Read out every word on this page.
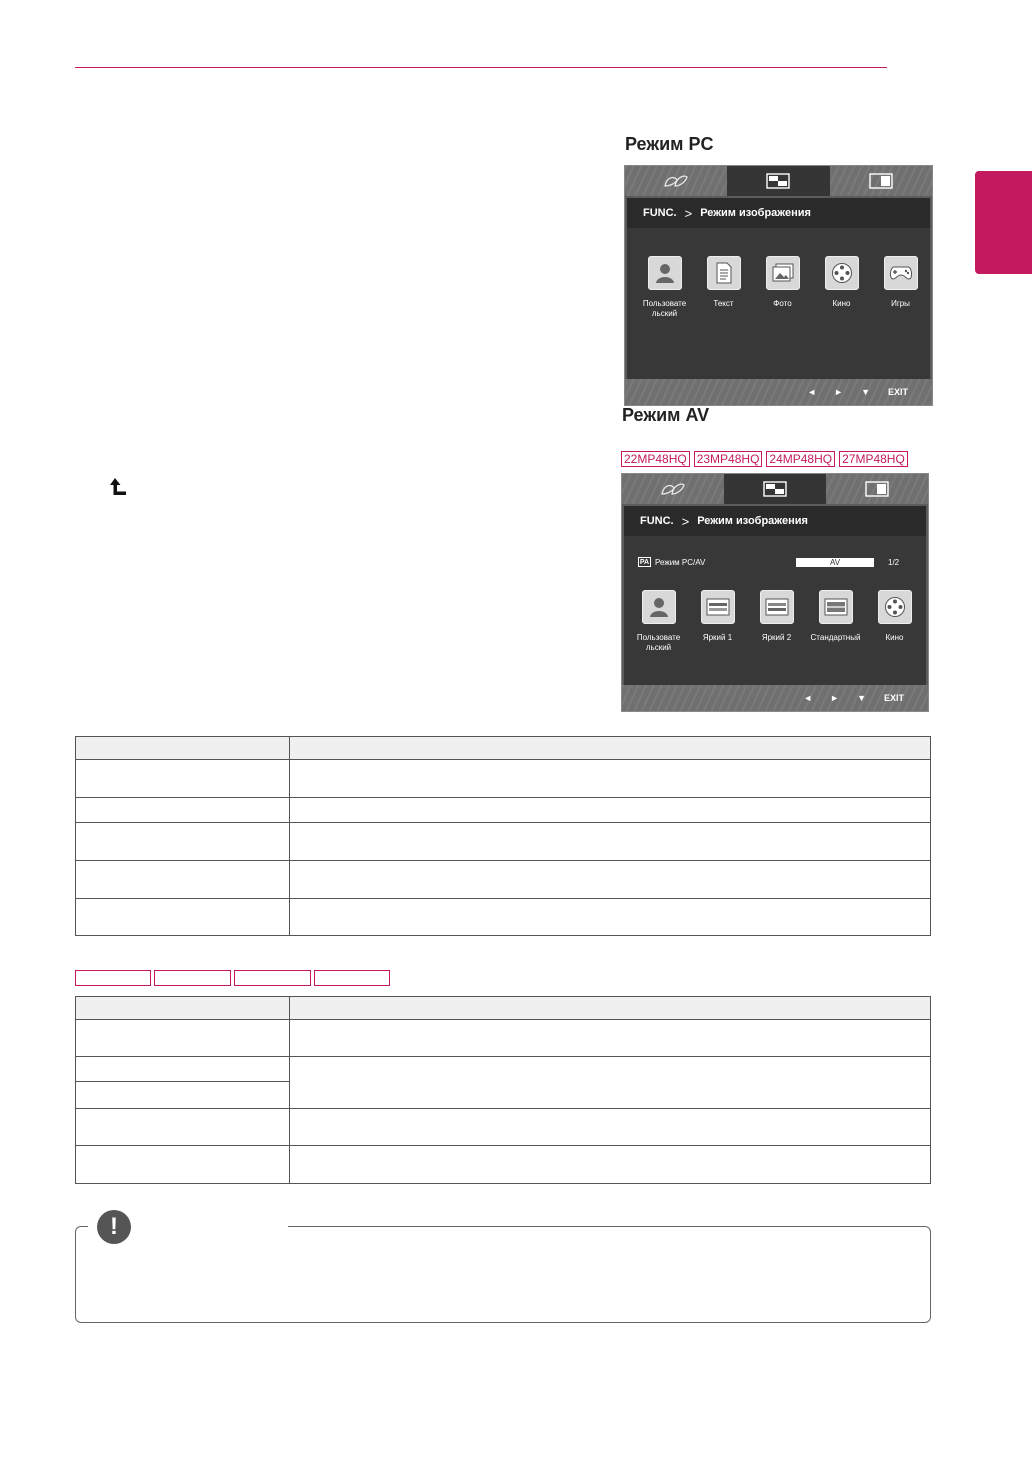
Режим PC
FUNC. > Режим изображения
Пользовате льский
Текст	Фото	Кино	Игры
◄ ► ▼ EXIT
Режим AV
22MP48HQ 23MP48HQ 24MP48HQ 27MP48HQ
FUNC. > Режим изображения
PA Режим PC/AV	AV	1/2
Пользовате льский
Яркий 1	Яркий 2	Стандартный	Кино
◄ ► ▼ EXIT

!
